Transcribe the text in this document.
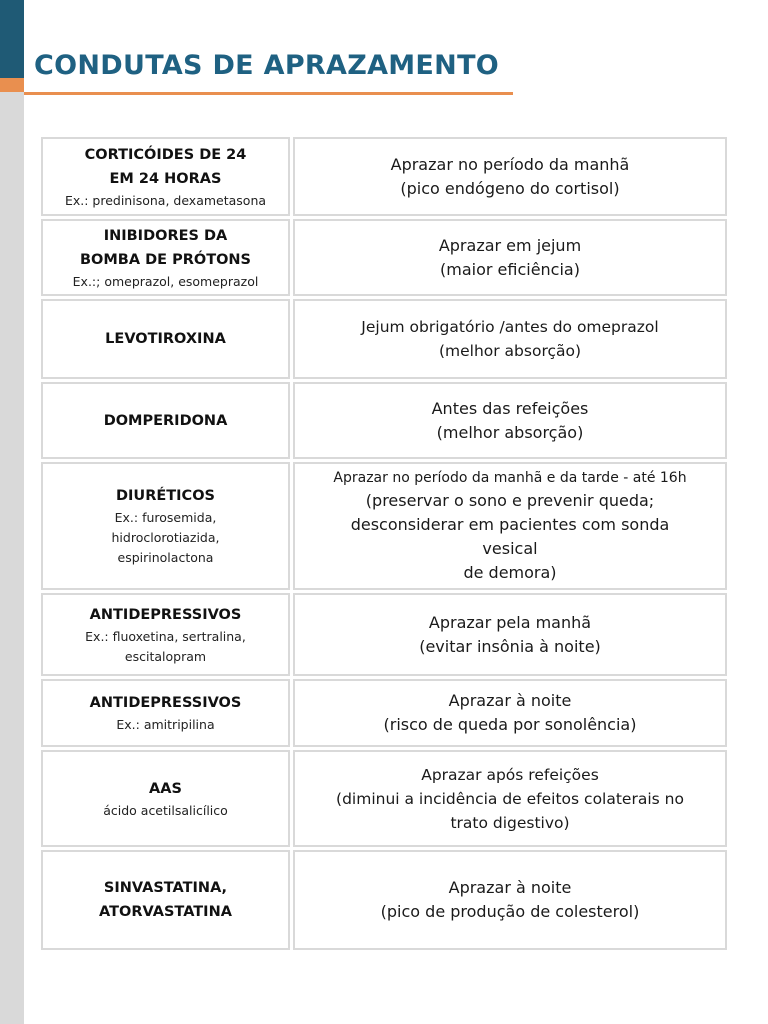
CONDUTAS DE APRAZAMENTO
CORTICÓIDES DE 24
EM 24 HORAS
Ex.: predinisona, dexametasona
Aprazar no período da manhã
(pico endógeno do cortisol)
INIBIDORES DA
BOMBA DE PRÓTONS
Ex.:; omeprazol, esomeprazol
Aprazar em jejum
(maior eficiência)
LEVOTIROXINA
Jejum obrigatório /antes do omeprazol
(melhor absorção)
DOMPERIDONA
Antes das refeições
(melhor absorção)
DIURÉTICOS
Ex.: furosemida,
hidroclorotiazida,
espirinolactona
Aprazar no período da manhã e da tarde - até 16h
(preservar o sono e prevenir queda;
desconsiderar em pacientes com sonda
vesical
de demora)
ANTIDEPRESSIVOS
Ex.: fluoxetina, sertralina,
escitalopram
Aprazar pela manhã
(evitar insônia à noite)
ANTIDEPRESSIVOS
Ex.: amitripilina
Aprazar à noite
(risco de queda por sonolência)
AAS
ácido acetilsalicílico
Aprazar após refeições
(diminui a incidência de efeitos colaterais no
trato digestivo)
SINVASTATINA,
ATORVASTATINA
Aprazar à noite
(pico de produção de colesterol)
